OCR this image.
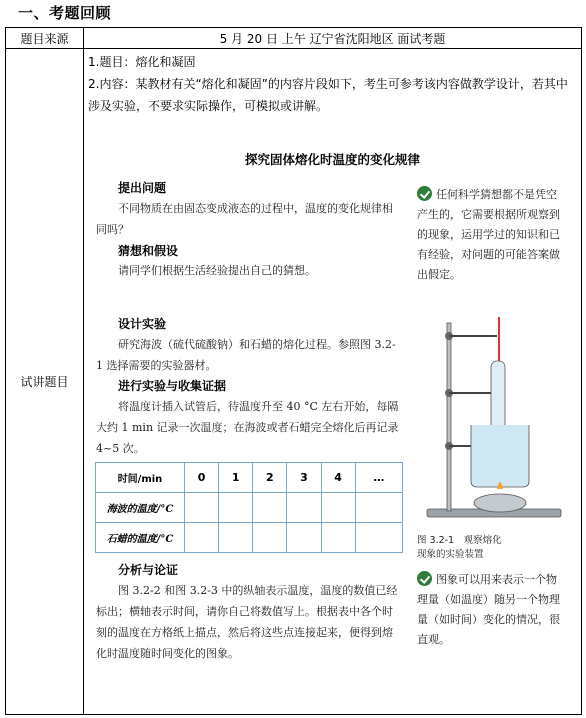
一、考题回顾
题目来源	5 月 20 日 上午 辽宁省沈阳地区 面试考题
试讲题目	
1.题目：熔化和凝固
2.内容：某教材有关“熔化和凝固”的内容片段如下，考生可参考该内容做教学设计，若其中涉及实验，不要求实际操作，可模拟或讲解。
探究固体熔化时温度的变化规律
提出问题
不同物质在由固态变成液态的过程中，温度的变化规律相同吗？
猜想和假设
请同学们根据生活经验提出自己的猜想。
设计实验
研究海波（硫代硫酸钠）和石蜡的熔化过程。参照图 3.2-1 选择需要的实验器材。
进行实验与收集证据
将温度计插入试管后，待温度升至 40 °C 左右开始，每隔大约 1 min 记录一次温度；在海波或者石蜡完全熔化后再记录 4~5 次。
时间/min	0	1	2	3	4	…
海波的温度/°C						
石蜡的温度/°C						
分析与论证
图 3.2-2 和图 3.2-3 中的纵轴表示温度，温度的数值已经标出；横轴表示时间，请你自己将数值写上。根据表中各个时刻的温度在方格纸上描点，然后将这些点连接起来，便得到熔化时温度随时间变化的图象。
任何科学猜想都不是凭空产生的，它需要根据所观察到的现象，运用学过的知识和已有经验，对问题的可能答案做出假定。
图 3.2-1　观察熔化现象的实验装置
图象可以用来表示一个物理量（如温度）随另一个物理量（如时间）变化的情况，很直观。
